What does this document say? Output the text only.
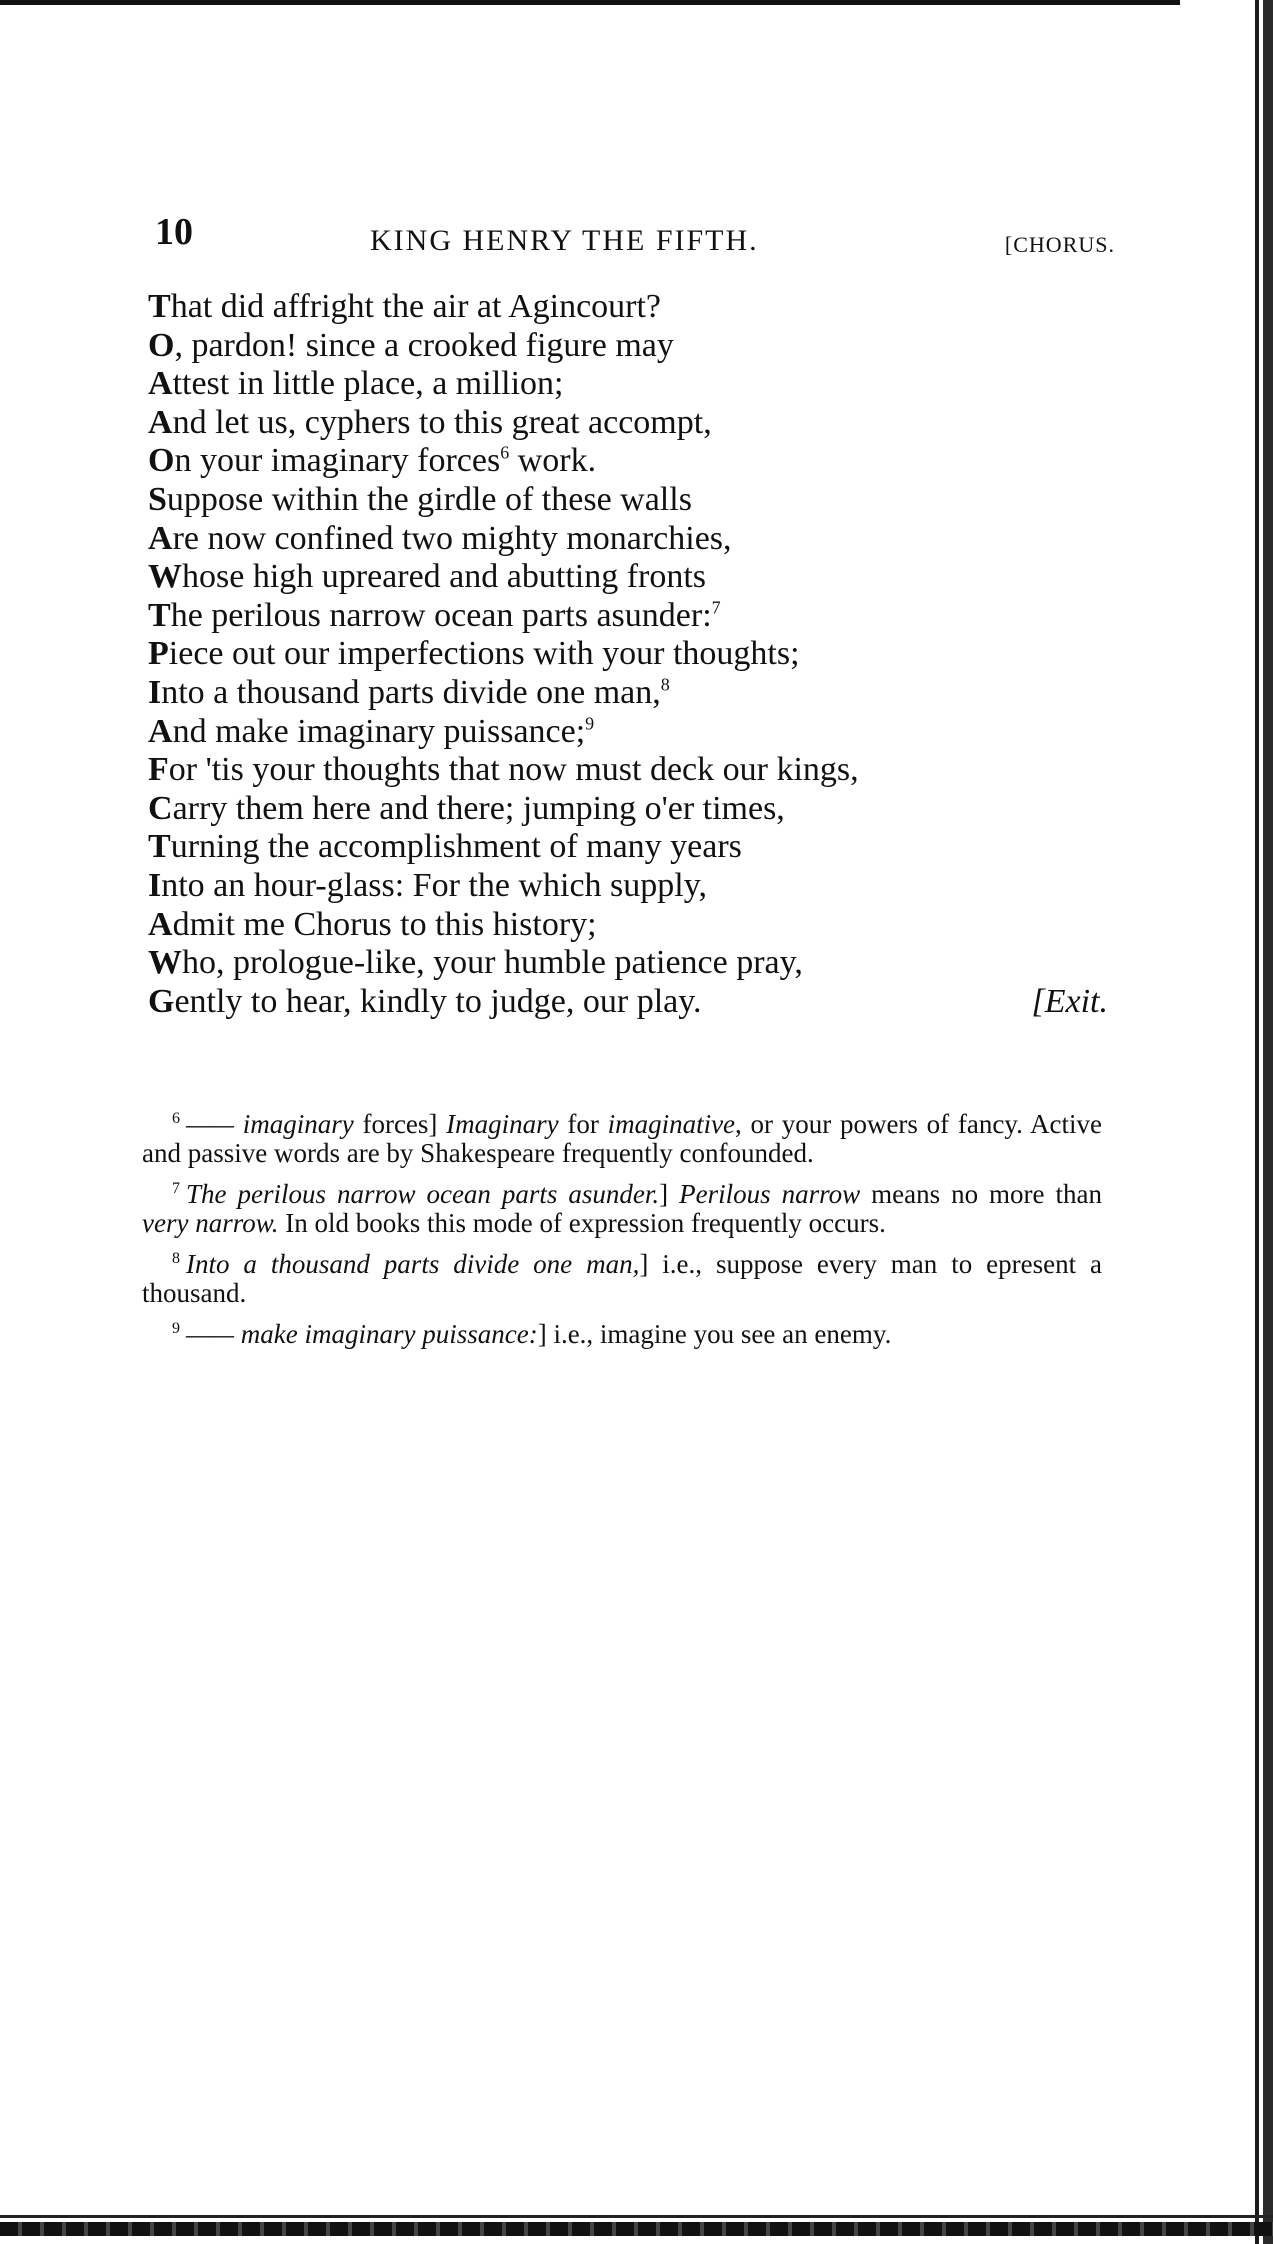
10	KING HENRY THE FIFTH.	[CHORUS.
That did affright the air at Agincourt?
O, pardon! since a crooked figure may
Attest in little place, a million;
And let us, cyphers to this great accompt,
On your imaginary forces$^6$ work.
Suppose within the girdle of these walls
Are now confined two mighty monarchies,
Whose high upreared and abutting fronts
The perilous narrow ocean parts asunder:$^7$
Piece out our imperfections with your thoughts;
Into a thousand parts divide one man,$^8$
And make imaginary puissance;$^9$
For 'tis your thoughts that now must deck our kings,
Carry them here and there; jumping o'er times,
Turning the accomplishment of many years
Into an hour-glass: For the which supply,
Admit me Chorus to this history;
Who, prologue-like, your humble patience pray,
Gently to hear, kindly to judge, our play.	[Exit.
$^6$ —— imaginary forces] Imaginary for imaginative, or your powers of fancy. Active and passive words are by Shakespeare frequently confounded.
$^7$ The perilous narrow ocean parts asunder.] Perilous narrow means no more than very narrow. In old books this mode of expression frequently occurs.
$^8$ Into a thousand parts divide one man,] i.e., suppose every man to epresent a thousand.
$^9$ —— make imaginary puissance:] i.e., imagine you see an enemy.
